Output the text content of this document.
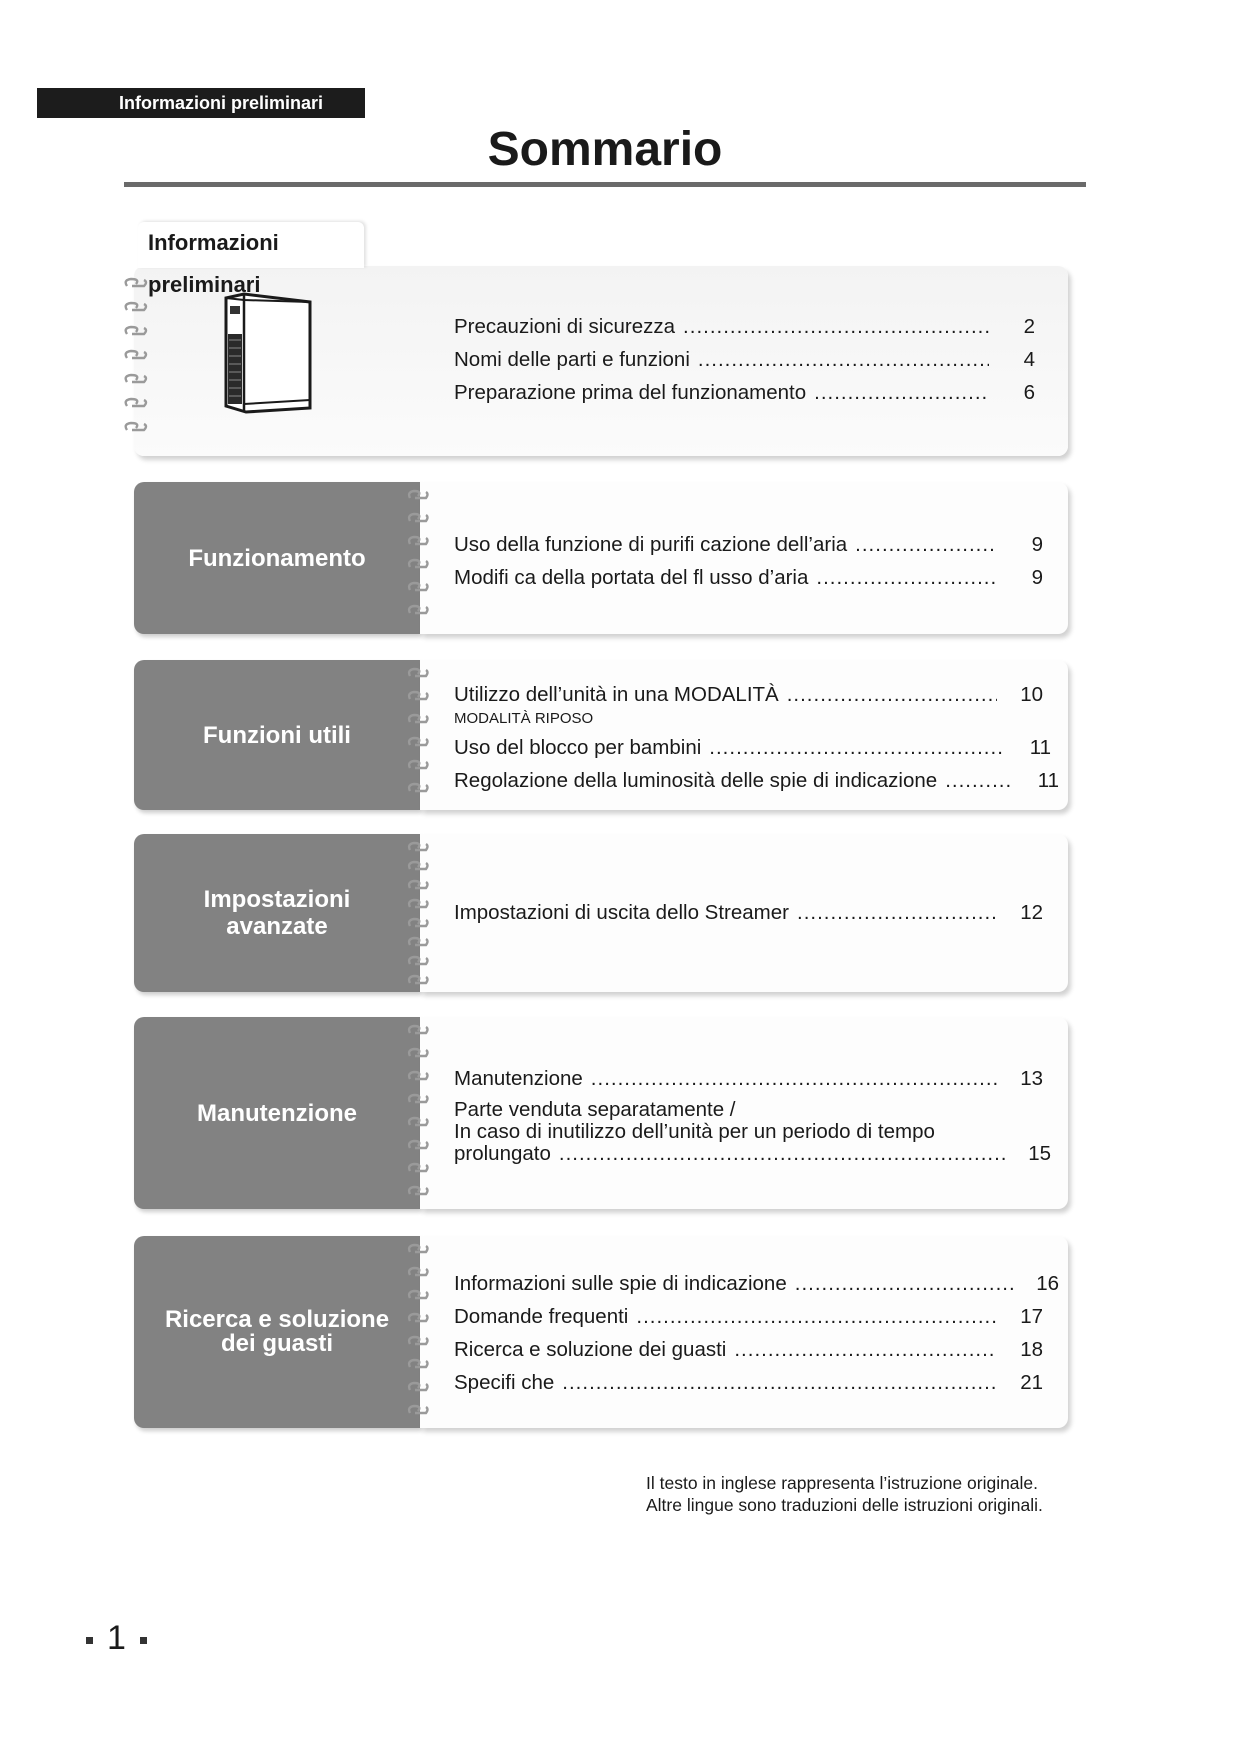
Informazioni preliminari
Sommario
Informazioni preliminari
Precauzioni di sicurezza .....	2
Nomi delle parti e funzioni .....	4
Preparazione prima del funzionamento .....	6
Funzionamento	Uso della funzione di purifi cazione dell’aria .....	9
Modifi ca della portata del fl usso d’aria .....	9
Funzioni utili
Utilizzo dell’unità in una MODALITÀ .....	10
MODALITÀ RIPOSO
Uso del blocco per bambini .....	11
Regolazione della luminosità delle spie di indicazione .....	11
Impostazioni
avanzate
Impostazioni di uscita dello Streamer .....	12
Manutenzione
Manutenzione .....	13
Parte venduta separatamente /
In caso di inutilizzo dell’unità per un periodo di tempo
prolungato .....	15
Ricerca e soluzione
dei guasti
Informazioni sulle spie di indicazione .....	16
Domande frequenti .....	17
Ricerca e soluzione dei guasti .....	18
Specifi che .....	21
Il testo in inglese rappresenta l’istruzione originale.
Altre lingue sono traduzioni delle istruzioni originali.
1
